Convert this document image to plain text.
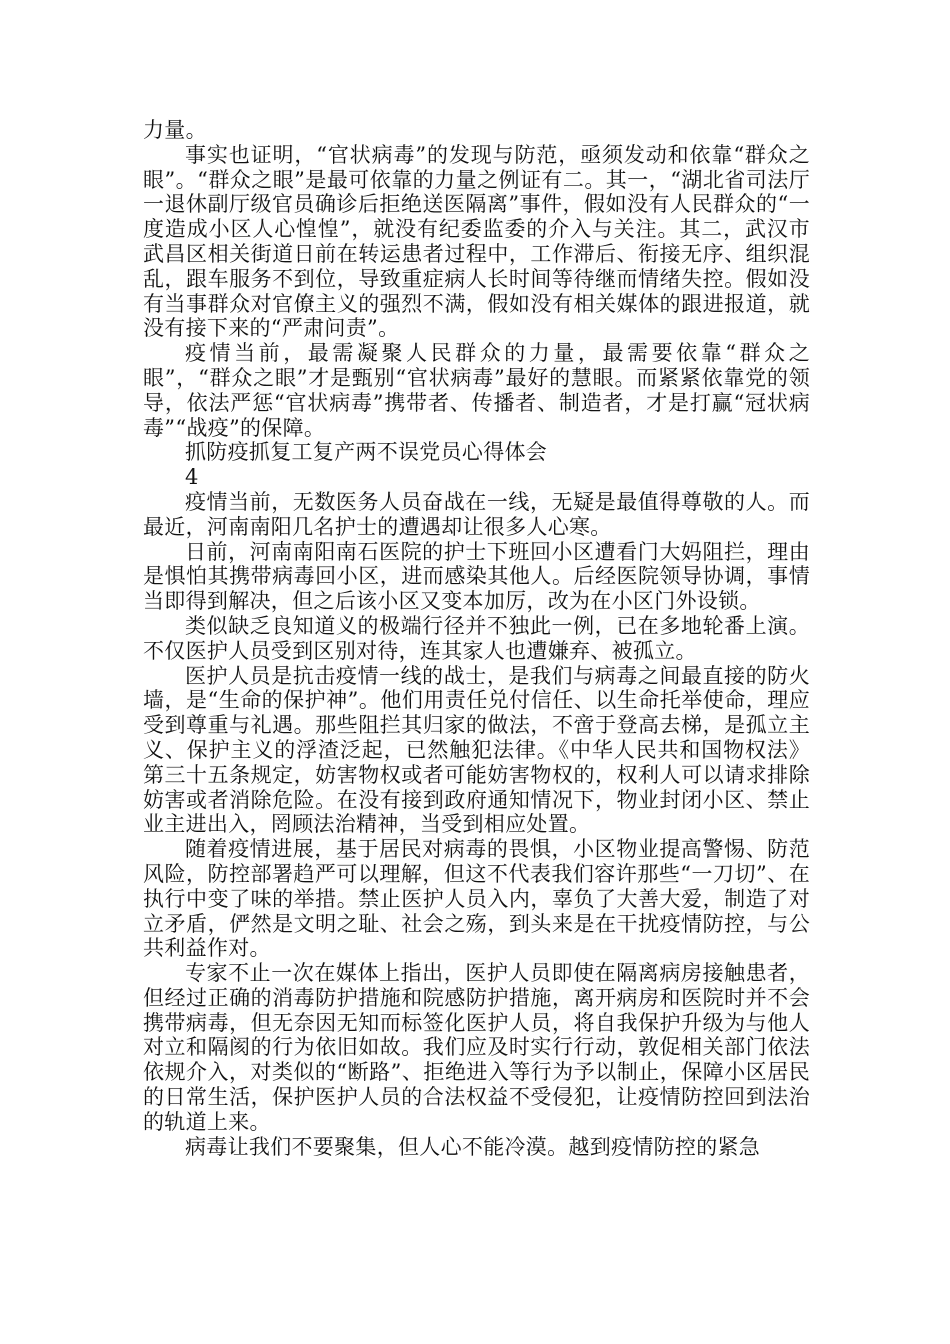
力量。

事实也证明，“官状病毒”的发现与防范，亟须发动和依靠“群众之眼”。“群众之眼”是最可依靠的力量之例证有二。其一，“湖北省司法厅一退休副厅级官员确诊后拒绝送医隔离”事件，假如没有人民群众的“一度造成小区人心惶惶”，就没有纪委监委的介入与关注。其二，武汉市武昌区相关街道日前在转运患者过程中，工作滞后、衔接无序、组织混乱，跟车服务不到位，导致重症病人长时间等待继而情绪失控。假如没有当事群众对官僚主义的强烈不满，假如没有相关媒体的跟进报道，就没有接下来的“严肃问责”。

疫情当前，最需凝聚人民群众的力量，最需要依靠“群众之眼”，“群众之眼”才是甄别“官状病毒”最好的慧眼。而紧紧依靠党的领导，依法严惩“官状病毒”携带者、传播者、制造者，才是打赢“冠状病毒”“战疫”的保障。

抓防疫抓复工复产两不误党员心得体会

4

疫情当前，无数医务人员奋战在一线，无疑是最值得尊敬的人。而最近，河南南阳几名护士的遭遇却让很多人心寒。

日前，河南南阳南石医院的护士下班回小区遭看门大妈阻拦，理由是惧怕其携带病毒回小区，进而感染其他人。后经医院领导协调，事情当即得到解决，但之后该小区又变本加厉，改为在小区门外设锁。

类似缺乏良知道义的极端行径并不独此一例，已在多地轮番上演。不仅医护人员受到区别对待，连其家人也遭嫌弃、被孤立。

医护人员是抗击疫情一线的战士，是我们与病毒之间最直接的防火墙，是“生命的保护神”。他们用责任兑付信任、以生命托举使命，理应受到尊重与礼遇。那些阻拦其归家的做法，不啻于登高去梯，是孤立主义、保护主义的浮渣泛起，已然触犯法律。《中华人民共和国物权法》第三十五条规定，妨害物权或者可能妨害物权的，权利人可以请求排除妨害或者消除危险。在没有接到政府通知情况下，物业封闭小区、禁止业主进出入，罔顾法治精神，当受到相应处置。

随着疫情进展，基于居民对病毒的畏惧，小区物业提高警惕、防范风险，防控部署趋严可以理解，但这不代表我们容许那些“一刀切”、在执行中变了味的举措。禁止医护人员入内，辜负了大善大爱，制造了对立矛盾，俨然是文明之耻、社会之殇，到头来是在干扰疫情防控，与公共利益作对。

专家不止一次在媒体上指出，医护人员即使在隔离病房接触患者，但经过正确的消毒防护措施和院感防护措施，离开病房和医院时并不会携带病毒，但无奈因无知而标签化医护人员，将自我保护升级为与他人对立和隔阂的行为依旧如故。我们应及时实行行动，敦促相关部门依法依规介入，对类似的“断路”、拒绝进入等行为予以制止，保障小区居民的日常生活，保护医护人员的合法权益不受侵犯，让疫情防控回到法治的轨道上来。

病毒让我们不要聚集，但人心不能冷漠。越到疫情防控的紧急
